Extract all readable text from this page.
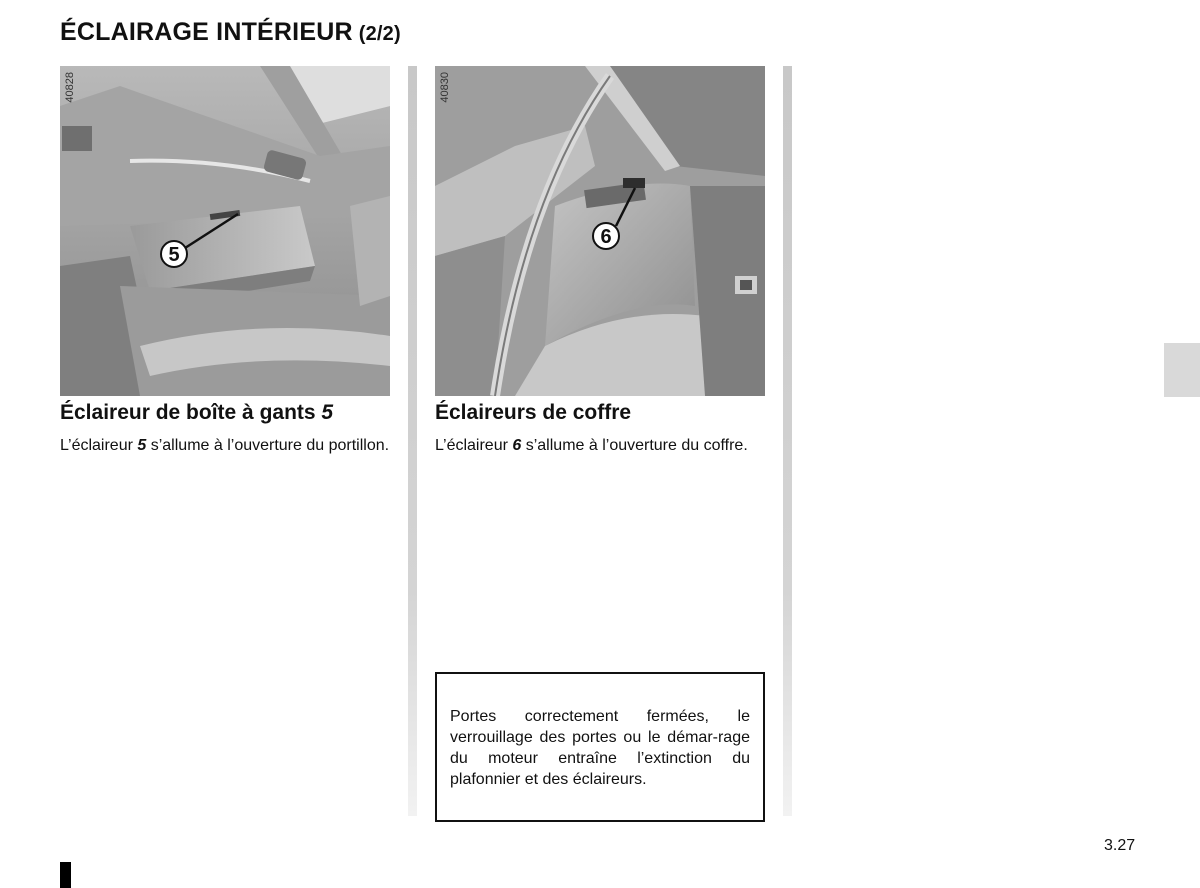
ÉCLAIRAGE INTÉRIEUR (2/2)
5
40828
6
40830
Éclaireur de boîte à gants 5
L’éclaireur 5 s’allume à l’ouverture du portillon.
Éclaireurs de coffre
L’éclaireur 6 s’allume à l’ouverture du coffre.
Portes correctement fermées, le verrouillage des portes ou le démar-rage du moteur entraîne l’extinction du plafonnier et des éclaireurs.
3.27
